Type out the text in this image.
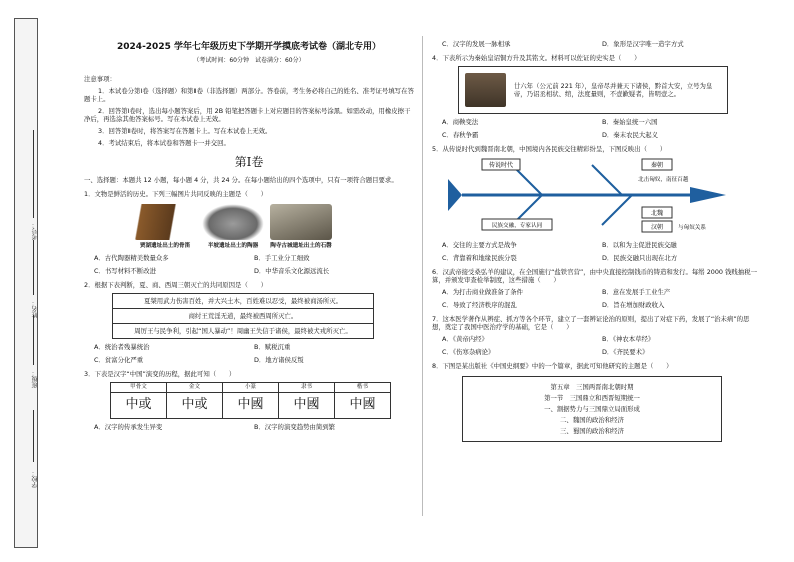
学校：
班级：
姓名：
考号：
2024-2025 学年七年级历史下学期开学摸底考试卷（湖北专用）
（考试时间：60分钟　试卷满分：60分）
注意事项：
1．本试卷分第Ⅰ卷（选择题）和第Ⅱ卷（非选择题）两部分。答卷前，考生务必将自己的姓名、准考证号填写在答题卡上。
2．回答第Ⅰ卷时，选出每小题答案后，用 2B 铅笔把答题卡上对应题目的答案标号涂黑。如需改动，用橡皮擦干净后，再选涂其他答案标号。写在本试卷上无效。
3．回答第Ⅱ卷时，将答案写在答题卡上。写在本试卷上无效。
4．考试结束后，将本试卷和答题卡一并交回。
第Ⅰ卷
一、选择题：本题共 12 小题，每小题 4 分，共 24 分。在每小题给出的四个选项中，只有一项符合题目要求。
1．文物是鲜活的历史。下列三幅图片共同反映的主题是（　　）
贾湖遗址出土的骨笛	半坡遗址出土的陶器	陶寺古城遗址出土的石磬
A．古代陶器精美数量众多	B．手工业分工细致
C．书写材料不断改进	D．中华音乐文化源远流长
2．根据下表判断，夏、商、西周三朝灭亡的共同原因是（　　）
夏桀用武力伤害百姓，并大兴土木，百姓难以忍受，最终被商汤所灭。
商纣王荒淫无道，最终被西周所灭亡。
周厉王与民争利，引起“国人暴动”！周幽王失信于诸侯，最终被犬戎所灭亡。
A．统治者残暴统治	B．赋税沉重
C．贫富分化严重	D．地方诸侯反叛
3．下表是汉字“中国”演变的历程，据此可知（　　）
甲骨文	金文	小篆	隶书	楷书
中或	中或	中國	中國	中國
A．汉字的传承发生异变	B．汉字的演变趋势由简到繁
C．汉字的发展一脉相承	D．象形是汉字唯一造字方式
4．下表所示为秦始皇诏铜方升及其铭文。材料可以佐证的史实是（　　）
廿六年（公元前 221 年），皇帝尽并兼天下诸侯，黔首大安，立号为皇帝，乃诏丞相状、绾，法度量则，不壹歉疑者，皆明壹之。
A．商鞅变法	B．秦始皇统一六国
C．春秋争霸	D．秦末农民大起义
5．从传说时代到魏晋南北朝，中国境内各民族交往精彩纷呈，下图反映出（　　）
传说时代	秦朝
北击匈奴，南征百越
民族交融，专家认同
北魏
汉朝	与匈奴关系
A．交往的主要方式是战争	B．以和为主促进民族交融
C．背靠着和地缘民族分裂	D．民族交融只出现在北方
6．汉武帝接受桑弘羊的建议，在全国施行“盐铁官营”，由中央直接控制钱币的铸造和发行。每缗 2000 钱贱抽税一算，并颁发审查检举制度，这些措施（　　）
A．为打击商业做准备了条件	B．意在发展手工业生产
C．导致了经济秩序的混乱	D．旨在增加财政收入
7．这本医学著作从辨症、抓方等各个环节，建立了一套辨证论治的原则，提出了对症下药，发展了“治未病”的思想，奠定了我国中医治疗学的基础，它是（　　）
A．《黄帝内经》	B．《神农本草经》
C．《伤寒杂病论》	D．《齐民要术》
8．下图是某出版社《中国史纲要》中的一个篇章，据此可知他研究的主题是（　　）
第五章　三国两晋南北朝时期
第一节　三国鼎立和西晋短期统一
一、割据势力与三国鼎立局面形成
二、魏国的政治和经济
三、蜀国的政治和经济
